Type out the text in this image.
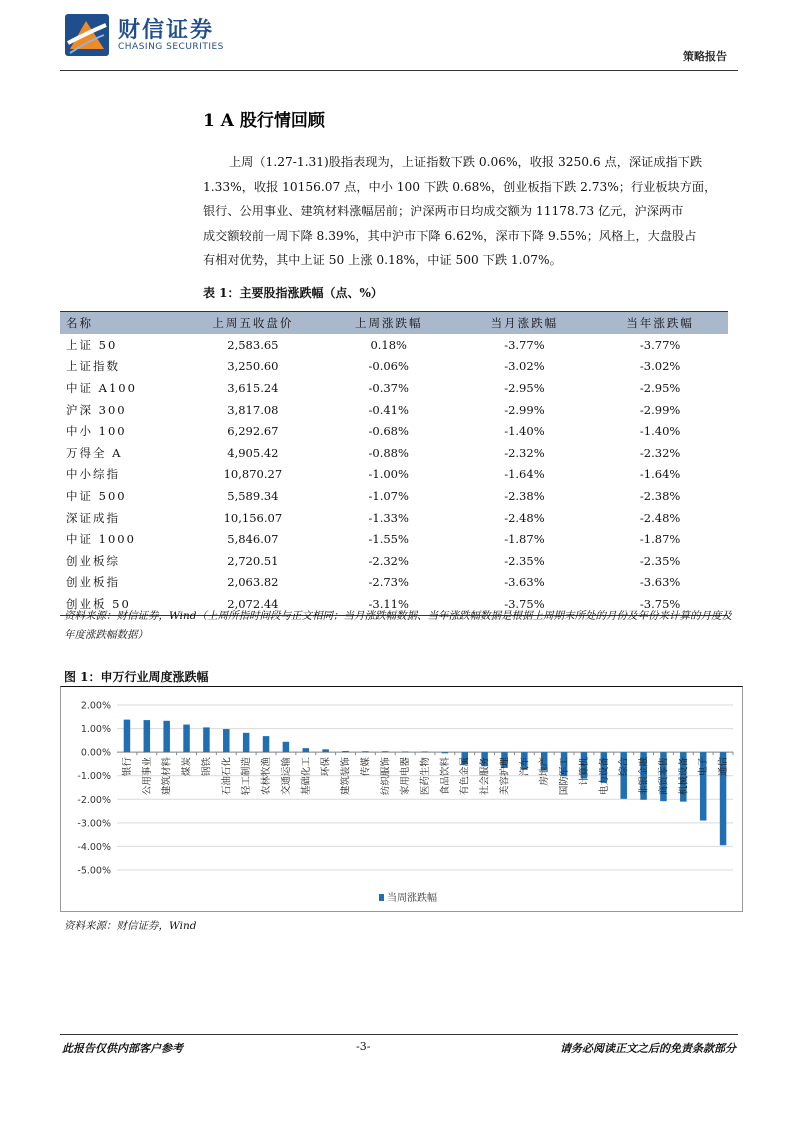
财信证券
CHASING SECURITIES
策略报告
1 A 股行情回顾
上周（1.27-1.31)股指表现为，上证指数下跌 0.06%，收报 3250.6 点，深证成指下跌
1.33%，收报 10156.07 点，中小 100 下跌 0.68%，创业板指下跌 2.73%；行业板块方面，
银行、公用事业、建筑材料涨幅居前；沪深两市日均成交额为 11178.73 亿元，沪深两市
成交额较前一周下降 8.39%，其中沪市下降 6.62%，深市下降 9.55%；风格上，大盘股占
有相对优势，其中上证 50 上涨 0.18%，中证 500 下跌 1.07%。
表 1：主要股指涨跌幅（点、%）
名称	上周五收盘价	上周涨跌幅	当月涨跌幅	当年涨跌幅
上证 50	2,583.65	0.18%	-3.77%	-3.77%
上证指数	3,250.60	-0.06%	-3.02%	-3.02%
中证 A100	3,615.24	-0.37%	-2.95%	-2.95%
沪深 300	3,817.08	-0.41%	-2.99%	-2.99%
中小 100	6,292.67	-0.68%	-1.40%	-1.40%
万得全 A	4,905.42	-0.88%	-2.32%	-2.32%
中小综指	10,870.27	-1.00%	-1.64%	-1.64%
中证 500	5,589.34	-1.07%	-2.38%	-2.38%
深证成指	10,156.07	-1.33%	-2.48%	-2.48%
中证 1000	5,846.07	-1.55%	-1.87%	-1.87%
创业板综	2,720.51	-2.32%	-2.35%	-2.35%
创业板指	2,063.82	-2.73%	-3.63%	-3.63%
创业板 50	2,072.44	-3.11%	-3.75%	-3.75%
资料来源：财信证券，Wind（上周所指时间段与正文相同；当月涨跌幅数据、当年涨跌幅数据是根据上周期末所处的月份及年份来计算的月度及年度涨跌幅数据）
图 1：申万行业周度涨跌幅
2.00%
1.00%
0.00%
-1.00%
-2.00%
-3.00%
-4.00%
-5.00%
银行 公用事业 建筑材料 煤炭 钢铁 石油石化 轻工制造 农林牧渔 交通运输 基础化工 环保 建筑装饰 传媒 纺织服饰 家用电器 医药生物 食品饮料 有色金属 社会服务 美容护理 汽车 房地产 国防军工 计算机 电力设备 综合 非银金融 商贸零售 机械设备 电子 通信
当周涨跌幅
资料来源：财信证券，Wind
此报告仅供内部客户参考	-3-	请务必阅读正文之后的免责条款部分
